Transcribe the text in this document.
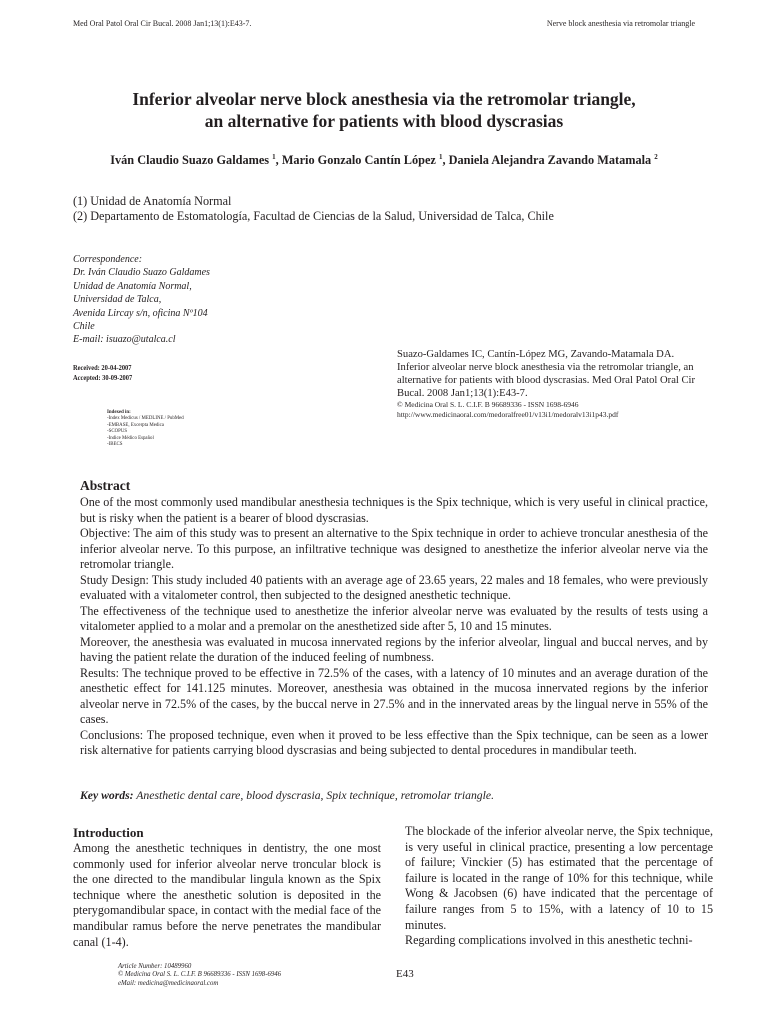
Med Oral Patol Oral Cir Bucal. 2008 Jan1;13(1):E43-7.	Nerve block anesthesia via retromolar triangle
Inferior alveolar nerve block anesthesia via the retromolar triangle,
an alternative for patients with blood dyscrasias
Iván Claudio Suazo Galdames $^1$, Mario Gonzalo Cantín López $^1$, Daniela Alejandra Zavando Matamala $^2$
(1) Unidad de Anatomía Normal
(2) Departamento de Estomatología, Facultad de Ciencias de la Salud, Universidad de Talca, Chile
Correspondence:
Dr. Iván Claudio Suazo Galdames
Unidad de Anatomía Normal,
Universidad de Talca,
Avenida Lircay s/n, oficina Nº104
Chile
E-mail: isuazo@utalca.cl
Received: 20-04-2007
Accepted: 30-09-2007
Indexed in:
-Index Medicus / MEDLINE / PubMed
-EMBASE, Excerpta Medica
-SCOPUS
-Indice Médico Español
-IBECS
Suazo-Galdames IC, Cantín-López MG, Zavando-Matamala DA.
Inferior alveolar nerve block anesthesia via the retromolar triangle, an
alternative for patients with blood dyscrasias. Med Oral Patol Oral Cir
Bucal. 2008 Jan1;13(1):E43-7.
© Medicina Oral S. L. C.I.F. B 96689336 - ISSN 1698-6946
http://www.medicinaoral.com/medoralfree01/v13i1/medoralv13i1p43.pdf
Abstract

One of the most commonly used mandibular anesthesia techniques is the Spix technique, which is very useful in clinical practice, but is risky when the patient is a bearer of blood dyscrasias.

Objective: The aim of this study was to present an alternative to the Spix technique in order to achieve troncular anesthesia of the inferior alveolar nerve. To this purpose, an infiltrative technique was designed to anesthetize the inferior alveolar nerve via the retromolar triangle.

Study Design: This study included 40 patients with an average age of 23.65 years, 22 males and 18 females, who were previously evaluated with a vitalometer control, then subjected to the designed anesthetic technique.

The effectiveness of the technique used to anesthetize the inferior alveolar nerve was evaluated by the results of tests using a vitalometer applied to a molar and a premolar on the anesthetized side after 5, 10 and 15 minutes.

Moreover, the anesthesia was evaluated in mucosa innervated regions by the inferior alveolar, lingual and buccal nerves, and by having the patient relate the duration of the induced feeling of numbness.

Results: The technique proved to be effective in 72.5% of the cases, with a latency of 10 minutes and an average duration of the anesthetic effect for 141.125 minutes. Moreover, anesthesia was obtained in the mucosa innervated regions by the inferior alveolar nerve in 72.5% of the cases, by the buccal nerve in 27.5% and in the innervated areas by the lingual nerve in 55% of the cases.

Conclusions: The proposed technique, even when it proved to be less effective than the Spix technique, can be seen as a lower risk alternative for patients carrying blood dyscrasias and being subjected to dental procedures in mandibular teeth.

Key words: Anesthetic dental care, blood dyscrasia, Spix technique, retromolar triangle.
Introduction

Among the anesthetic techniques in dentistry, the one most commonly used for inferior alveolar nerve troncular block is the one directed to the mandibular lingula known as the Spix technique where the anesthetic solution is deposited in the pterygomandibular space, in contact with the medial face of the mandibular ramus before the nerve penetrates the mandibular canal (1-4).

The blockade of the inferior alveolar nerve, the Spix technique, is very useful in clinical practice, presenting a low percentage of failure; Vinckier (5) has estimated that the percentage of failure is located in the range of 10% for this technique, while Wong & Jacobsen (6) have indicated that the percentage of failure ranges from 5 to 15%, with a latency of 10 to 15 minutes.

Regarding complications involved in this anesthetic techni-

Article Number: 10489960
© Medicina Oral S. L. C.I.F. B 96689336 - ISSN 1698-6946
eMail: medicina@medicinaoral.com
E43
